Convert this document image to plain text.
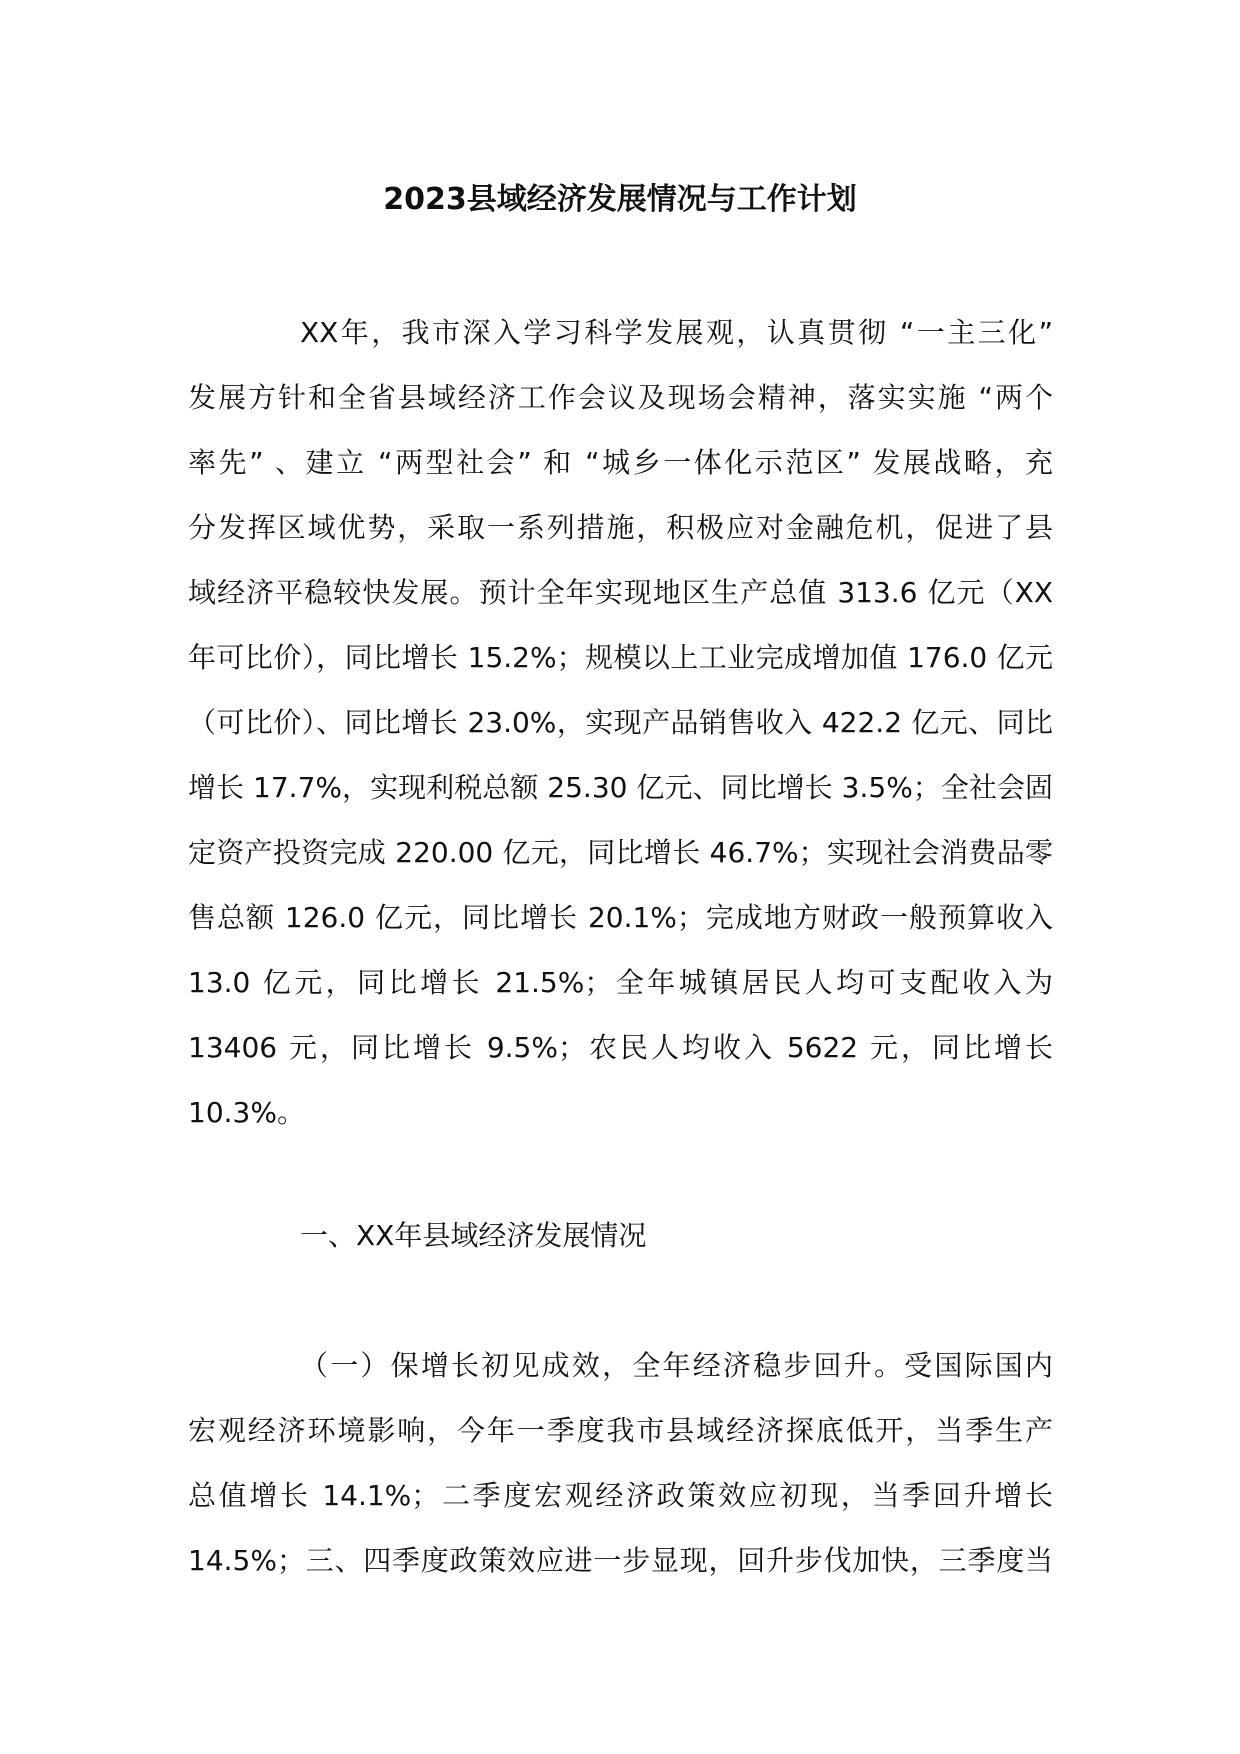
2023县域经济发展情况与工作计划
XX年，我市深入学习科学发展观，认真贯彻 “一主三化”
发展方针和全省县域经济工作会议及现场会精神，落实实施 “两个
率先” 、建立 “两型社会” 和 “城乡一体化示范区” 发展战略，充
分发挥区域优势，采取一系列措施，积极应对金融危机，促进了县
域经济平稳较快发展。预计全年实现地区生产总值 313.6 亿元（XX
年可比价），同比增长 15.2%；规模以上工业完成增加值 176.0 亿元
（可比价）、同比增长 23.0%，实现产品销售收入 422.2 亿元、同比
增长 17.7%，实现利税总额 25.30 亿元、同比增长 3.5%；全社会固
定资产投资完成 220.00 亿元，同比增长 46.7%；实现社会消费品零
售总额 126.0 亿元，同比增长 20.1%；完成地方财政一般预算收入
13.0 亿元，同比增长 21.5%；全年城镇居民人均可支配收入为
13406 元，同比增长 9.5%；农民人均收入 5622 元，同比增长
10.3%。
一、XX年县域经济发展情况
（一）保增长初见成效，全年经济稳步回升。受国际国内
宏观经济环境影响，今年一季度我市县域经济探底低开，当季生产
总值增长 14.1%；二季度宏观经济政策效应初现，当季回升增长
14.5%；三、四季度政策效应进一步显现，回升步伐加快，三季度当
